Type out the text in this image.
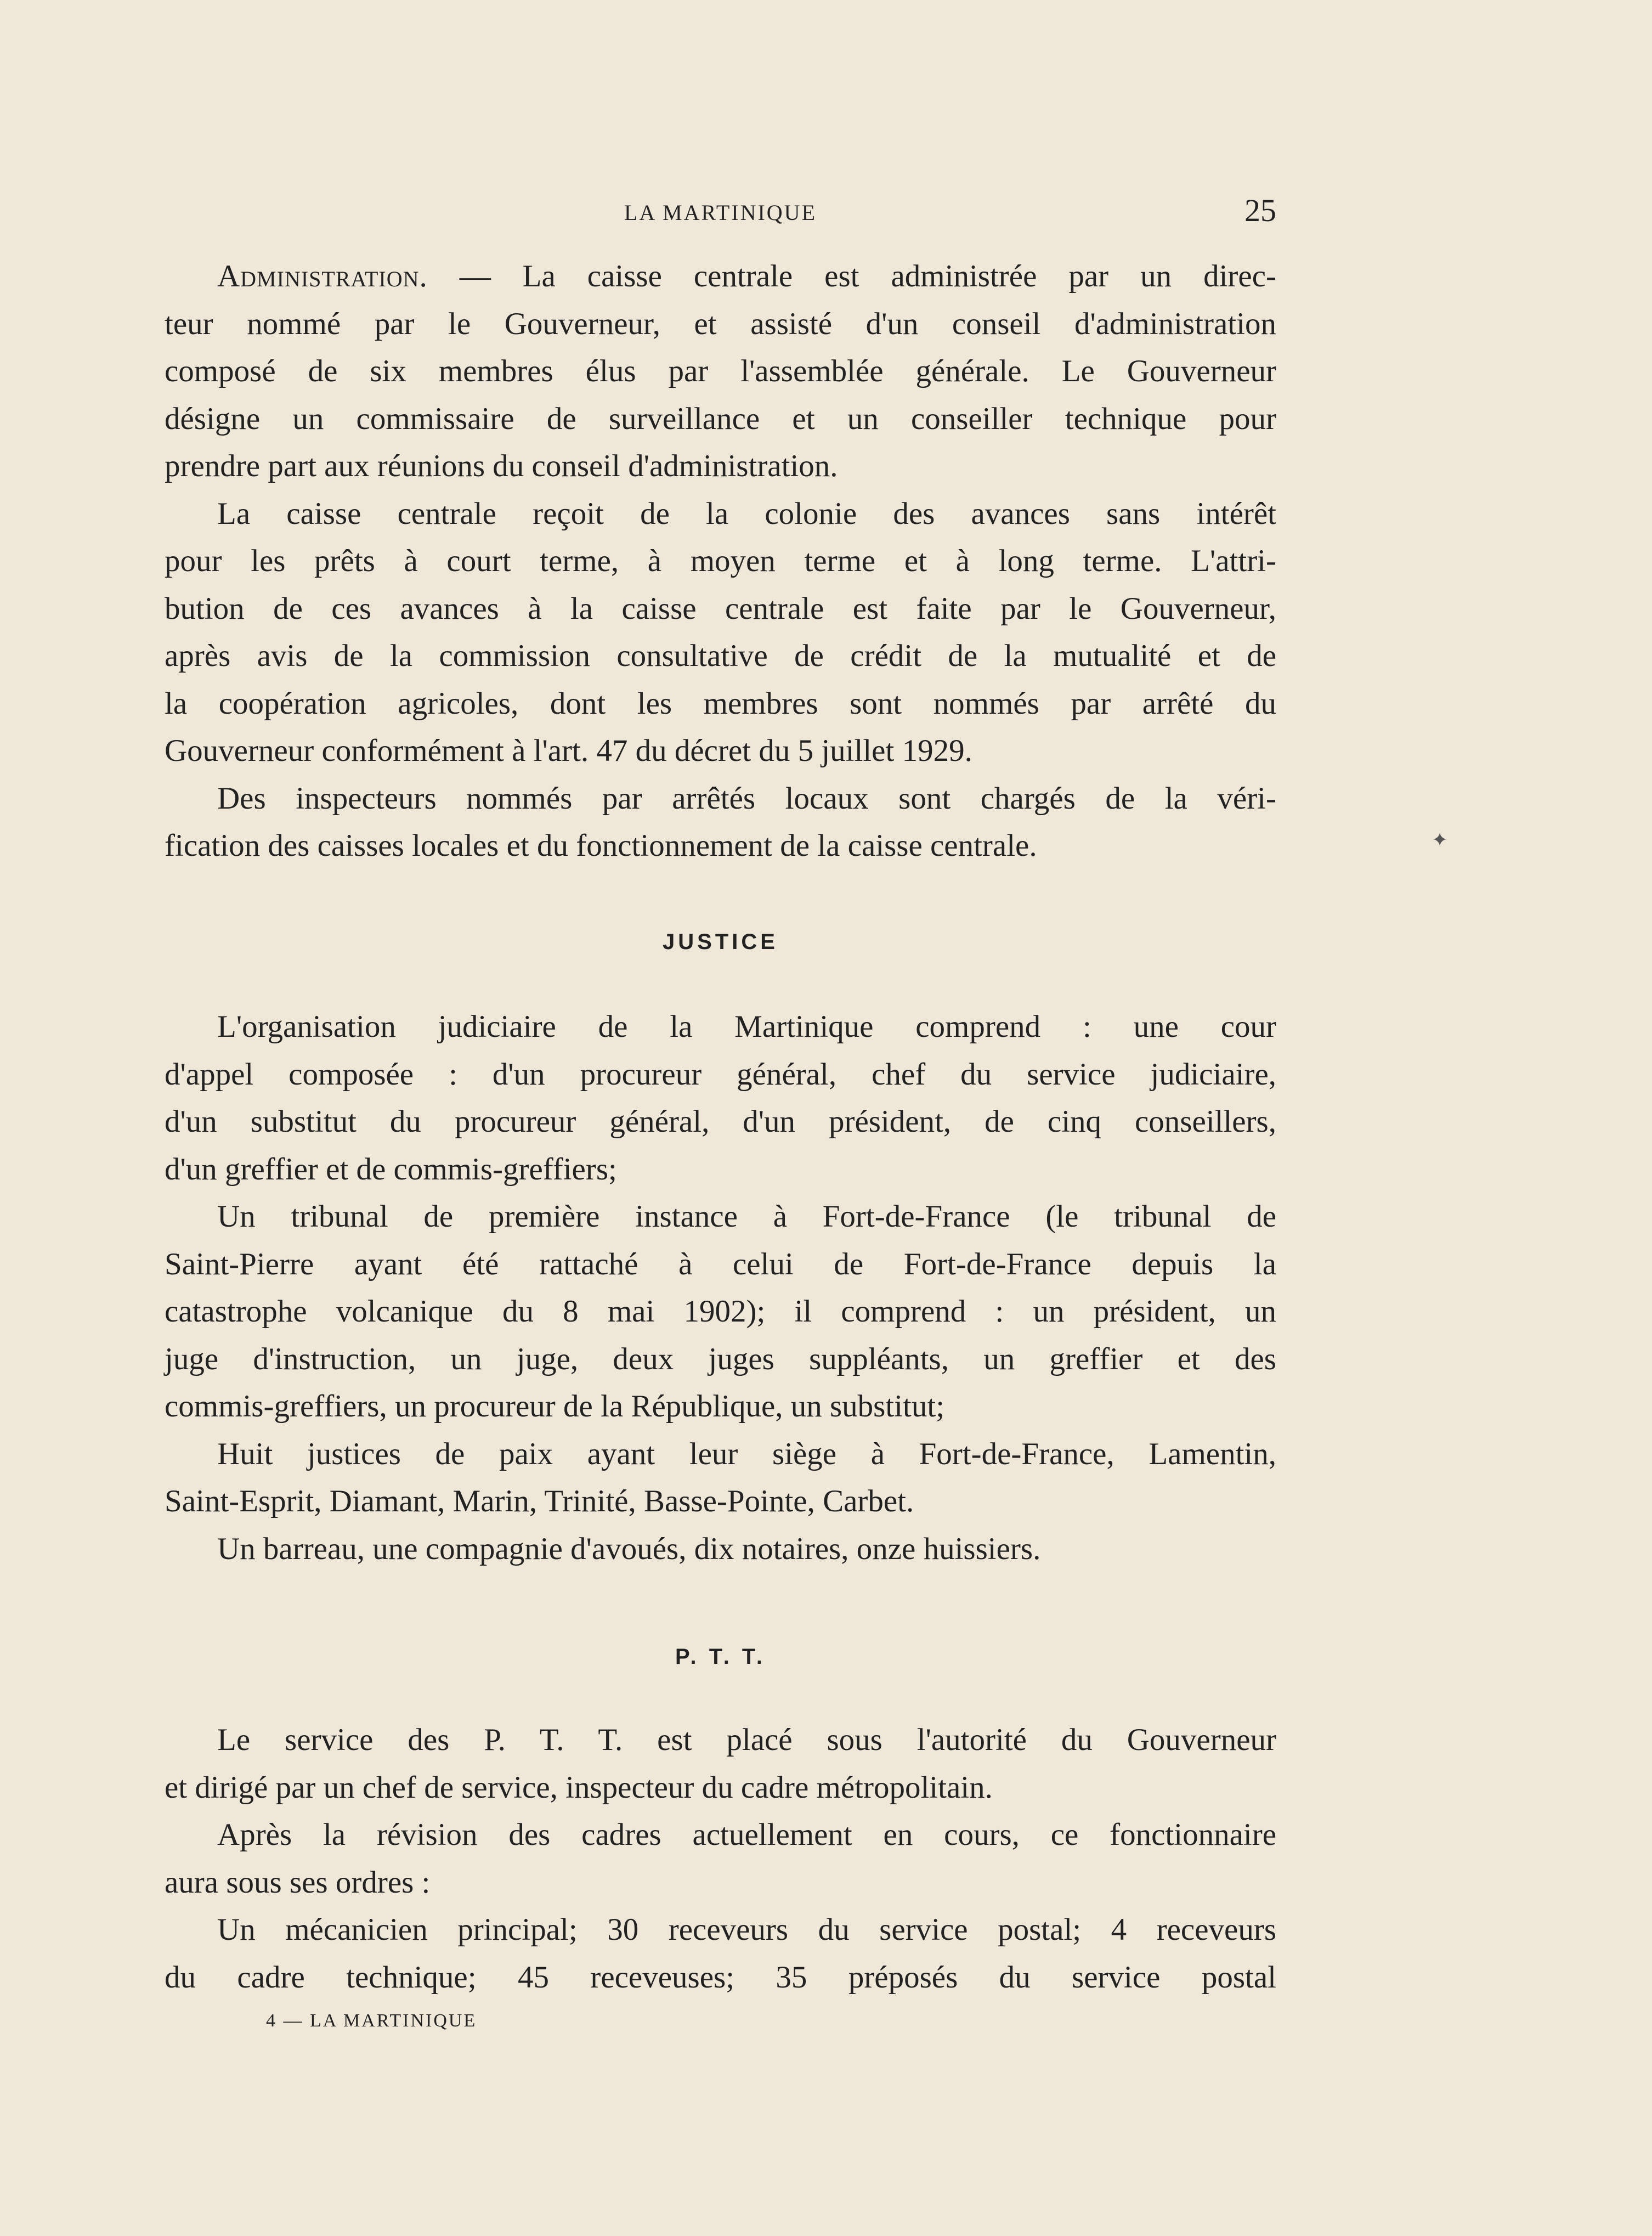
LA MARTINIQUE	25
Administration. — La caisse centrale est administrée par un direc-
teur nommé par le Gouverneur, et assisté d'un conseil d'administration
composé de six membres élus par l'assemblée générale. Le Gouverneur
désigne un commissaire de surveillance et un conseiller technique pour
prendre part aux réunions du conseil d'administration.
La caisse centrale reçoit de la colonie des avances sans intérêt
pour les prêts à court terme, à moyen terme et à long terme. L'attri-
bution de ces avances à la caisse centrale est faite par le Gouverneur,
après avis de la commission consultative de crédit de la mutualité et de
la coopération agricoles, dont les membres sont nommés par arrêté du
Gouverneur conformément à l'art. 47 du décret du 5 juillet 1929.
Des inspecteurs nommés par arrêtés locaux sont chargés de la véri-
fication des caisses locales et du fonctionnement de la caisse centrale.
JUSTICE
L'organisation judiciaire de la Martinique comprend : une cour
d'appel composée : d'un procureur général, chef du service judiciaire,
d'un substitut du procureur général, d'un président, de cinq conseillers,
d'un greffier et de commis-greffiers;
Un tribunal de première instance à Fort-de-France (le tribunal de
Saint-Pierre ayant été rattaché à celui de Fort-de-France depuis la
catastrophe volcanique du 8 mai 1902); il comprend : un président, un
juge d'instruction, un juge, deux juges suppléants, un greffier et des
commis-greffiers, un procureur de la République, un substitut;
Huit justices de paix ayant leur siège à Fort-de-France, Lamentin,
Saint-Esprit, Diamant, Marin, Trinité, Basse-Pointe, Carbet.
Un barreau, une compagnie d'avoués, dix notaires, onze huissiers.
P. T. T.
Le service des P. T. T. est placé sous l'autorité du Gouverneur
et dirigé par un chef de service, inspecteur du cadre métropolitain.
Après la révision des cadres actuellement en cours, ce fonctionnaire
aura sous ses ordres :
Un mécanicien principal; 30 receveurs du service postal; 4 receveurs
du cadre technique; 45 receveuses; 35 préposés du service postal
4 — LA MARTINIQUE
✦
